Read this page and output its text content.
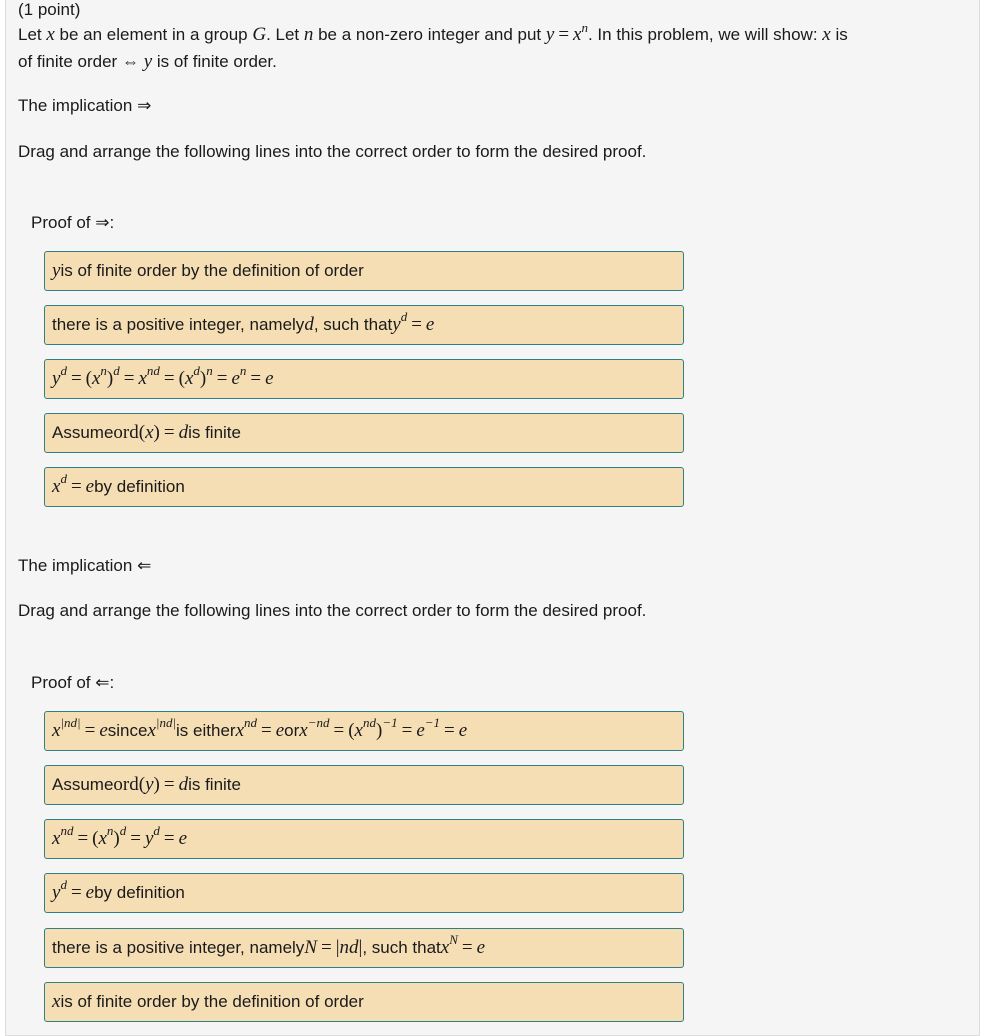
(1 point)
Let x be an element in a group G. Let n be a non-zero integer and put $y = x^n$. In this problem, we will show: x is
of finite order ⇔ y is of finite order.
The implication ⇒
Drag and arrange the following lines into the correct order to form the desired proof.
Proof of ⇒:
y is of finite order by the definition of order
there is a positive integer, namely d , such that y d = e
y d = ( x n ) d = x nd = ( x d ) n = e n = e
Assume ord( x ) = d is finite
x d = e by definition
The implication ⇐
Drag and arrange the following lines into the correct order to form the desired proof.
Proof of ⇐:
x |nd| = e since x |nd| is either x nd = e or x −nd = ( x nd ) −1 = e −1 = e
Assume ord( y ) = d is finite
x nd = ( x n ) d = y d = e
y d = e by definition
there is a positive integer, namely N = | nd | , such that x N = e
x is of finite order by the definition of order
